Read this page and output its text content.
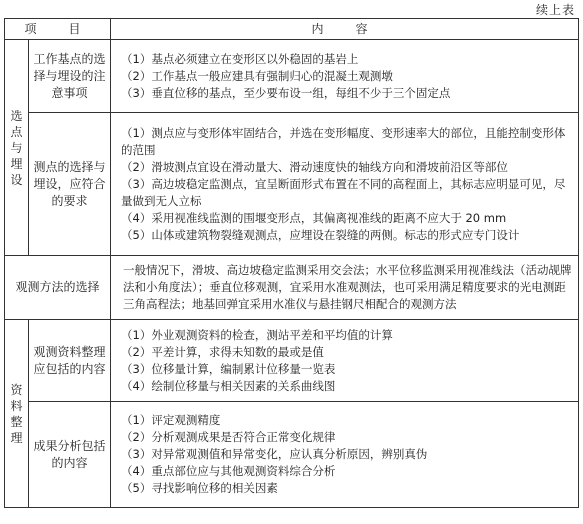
续上表
项　目		内　容
选点与埋设	工作基点的选择与埋设的注意事项	（1）基点必须建立在变形区以外稳固的基岩上
（2）工作基点一般应建具有强制归心的混凝土观测墩
（3）垂直位移的基点，至少要布设一组，每组不少于三个固定点

	测点的选择与埋设，应符合的要求	（1）测点应与变形体牢固结合，并选在变形幅度、变形速率大的部位，且能控制变形体的范围
（2）滑坡测点宜设在滑动量大、滑动速度快的轴线方向和滑坡前沿区等部位
（3）高边坡稳定监测点，宜呈断面形式布置在不同的高程面上，其标志应明显可见，尽量做到无人立标
（4）采用视准线监测的围堰变形点，其偏离视准线的距离不应大于 20 mm
（5）山体或建筑物裂缝观测点，应埋设在裂缝的两侧。标志的形式应专门设计

观测方法的选择		一般情况下，滑坡、高边坡稳定监测采用交会法；水平位移监测采用视准线法（活动觇牌法和小角度法）；垂直位移观测，宜采用水准观测法，也可采用满足精度要求的光电测距三角高程法；地基回弹宜采用水准仪与悬挂钢尺相配合的观测方法

资料整理	观测资料整理应包括的内容	（1）外业观测资料的检查，测站平差和平均值的计算
（2）平差计算，求得未知数的最或是值
（3）位移量计算，编制累计位移量一览表
（4）绘制位移量与相关因素的关系曲线图

	成果分析包括的内容	（1）评定观测精度
（2）分析观测成果是否符合正常变化规律
（3）对异常观测值和异常变化，应认真分析原因，辨别真伪
（4）重点部位应与其他观测资料综合分析
（5）寻找影响位移的相关因素
